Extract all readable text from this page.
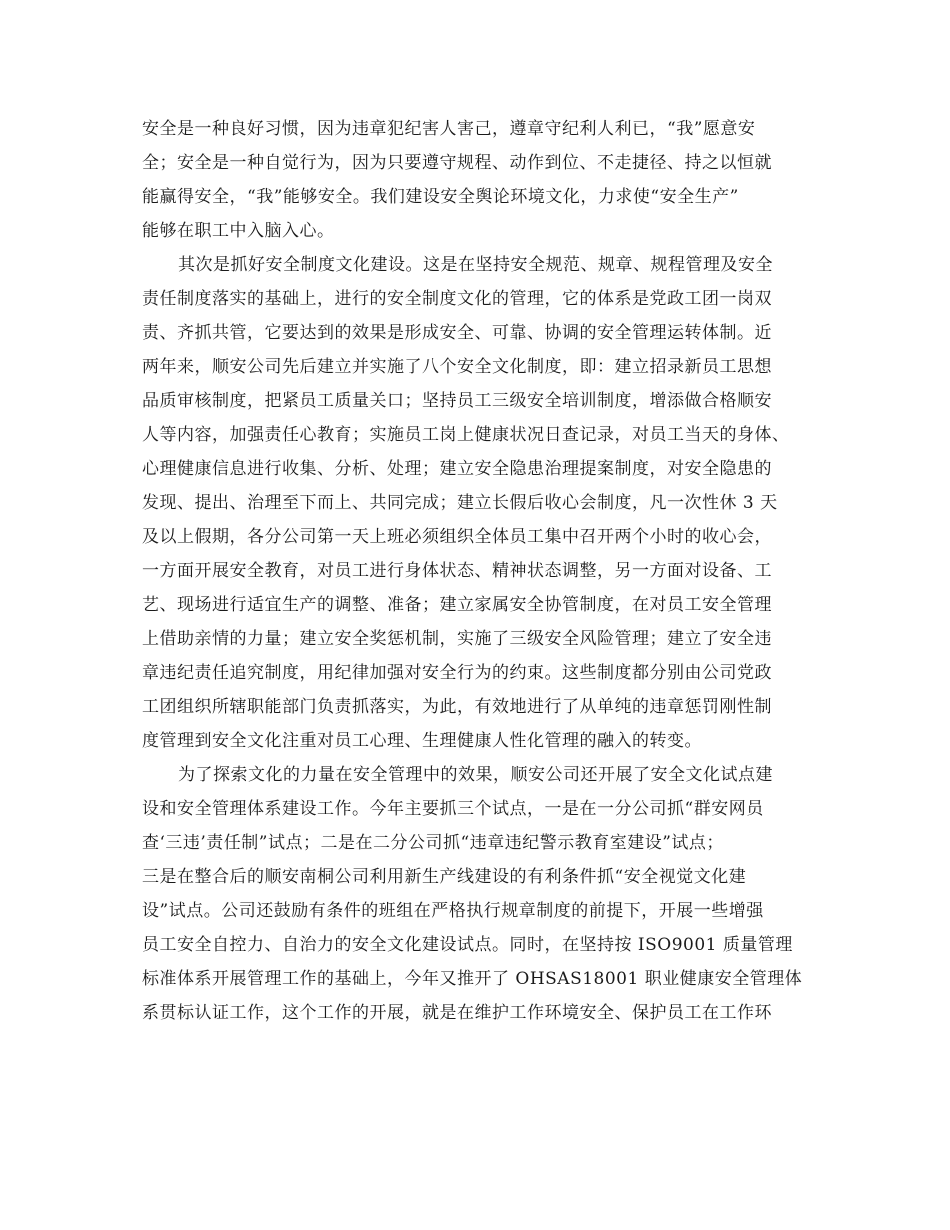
安全是一种良好习惯，因为违章犯纪害人害己，遵章守纪利人利已，“我”愿意安
全；安全是一种自觉行为，因为只要遵守规程、动作到位、不走捷径、持之以恒就
能赢得安全，“我”能够安全。我们建设安全舆论环境文化，力求使“安全生产”
能够在职工中入脑入心。
其次是抓好安全制度文化建设。这是在坚持安全规范、规章、规程管理及安全
责任制度落实的基础上，进行的安全制度文化的管理，它的体系是党政工团一岗双
责、齐抓共管，它要达到的效果是形成安全、可靠、协调的安全管理运转体制。近
两年来，顺安公司先后建立并实施了八个安全文化制度，即：建立招录新员工思想
品质审核制度，把紧员工质量关口；坚持员工三级安全培训制度，增添做合格顺安
人等内容，加强责任心教育；实施员工岗上健康状况日查记录，对员工当天的身体、
心理健康信息进行收集、分析、处理；建立安全隐患治理提案制度，对安全隐患的
发现、提出、治理至下而上、共同完成；建立长假后收心会制度，凡一次性休 3 天
及以上假期，各分公司第一天上班必须组织全体员工集中召开两个小时的收心会，
一方面开展安全教育，对员工进行身体状态、精神状态调整，另一方面对设备、工
艺、现场进行适宜生产的调整、准备；建立家属安全协管制度，在对员工安全管理
上借助亲情的力量；建立安全奖惩机制，实施了三级安全风险管理；建立了安全违
章违纪责任追究制度，用纪律加强对安全行为的约束。这些制度都分别由公司党政
工团组织所辖职能部门负责抓落实，为此，有效地进行了从单纯的违章惩罚刚性制
度管理到安全文化注重对员工心理、生理健康人性化管理的融入的转变。
为了探索文化的力量在安全管理中的效果，顺安公司还开展了安全文化试点建
设和安全管理体系建设工作。今年主要抓三个试点，一是在一分公司抓“群安网员
查‘三违’责任制”试点；二是在二分公司抓“违章违纪警示教育室建设”试点；
三是在整合后的顺安南桐公司利用新生产线建设的有利条件抓“安全视觉文化建
设”试点。公司还鼓励有条件的班组在严格执行规章制度的前提下，开展一些增强
员工安全自控力、自治力的安全文化建设试点。同时，在坚持按 ISO9001 质量管理
标准体系开展管理工作的基础上，今年又推开了 OHSAS18001 职业健康安全管理体
系贯标认证工作，这个工作的开展，就是在维护工作环境安全、保护员工在工作环
